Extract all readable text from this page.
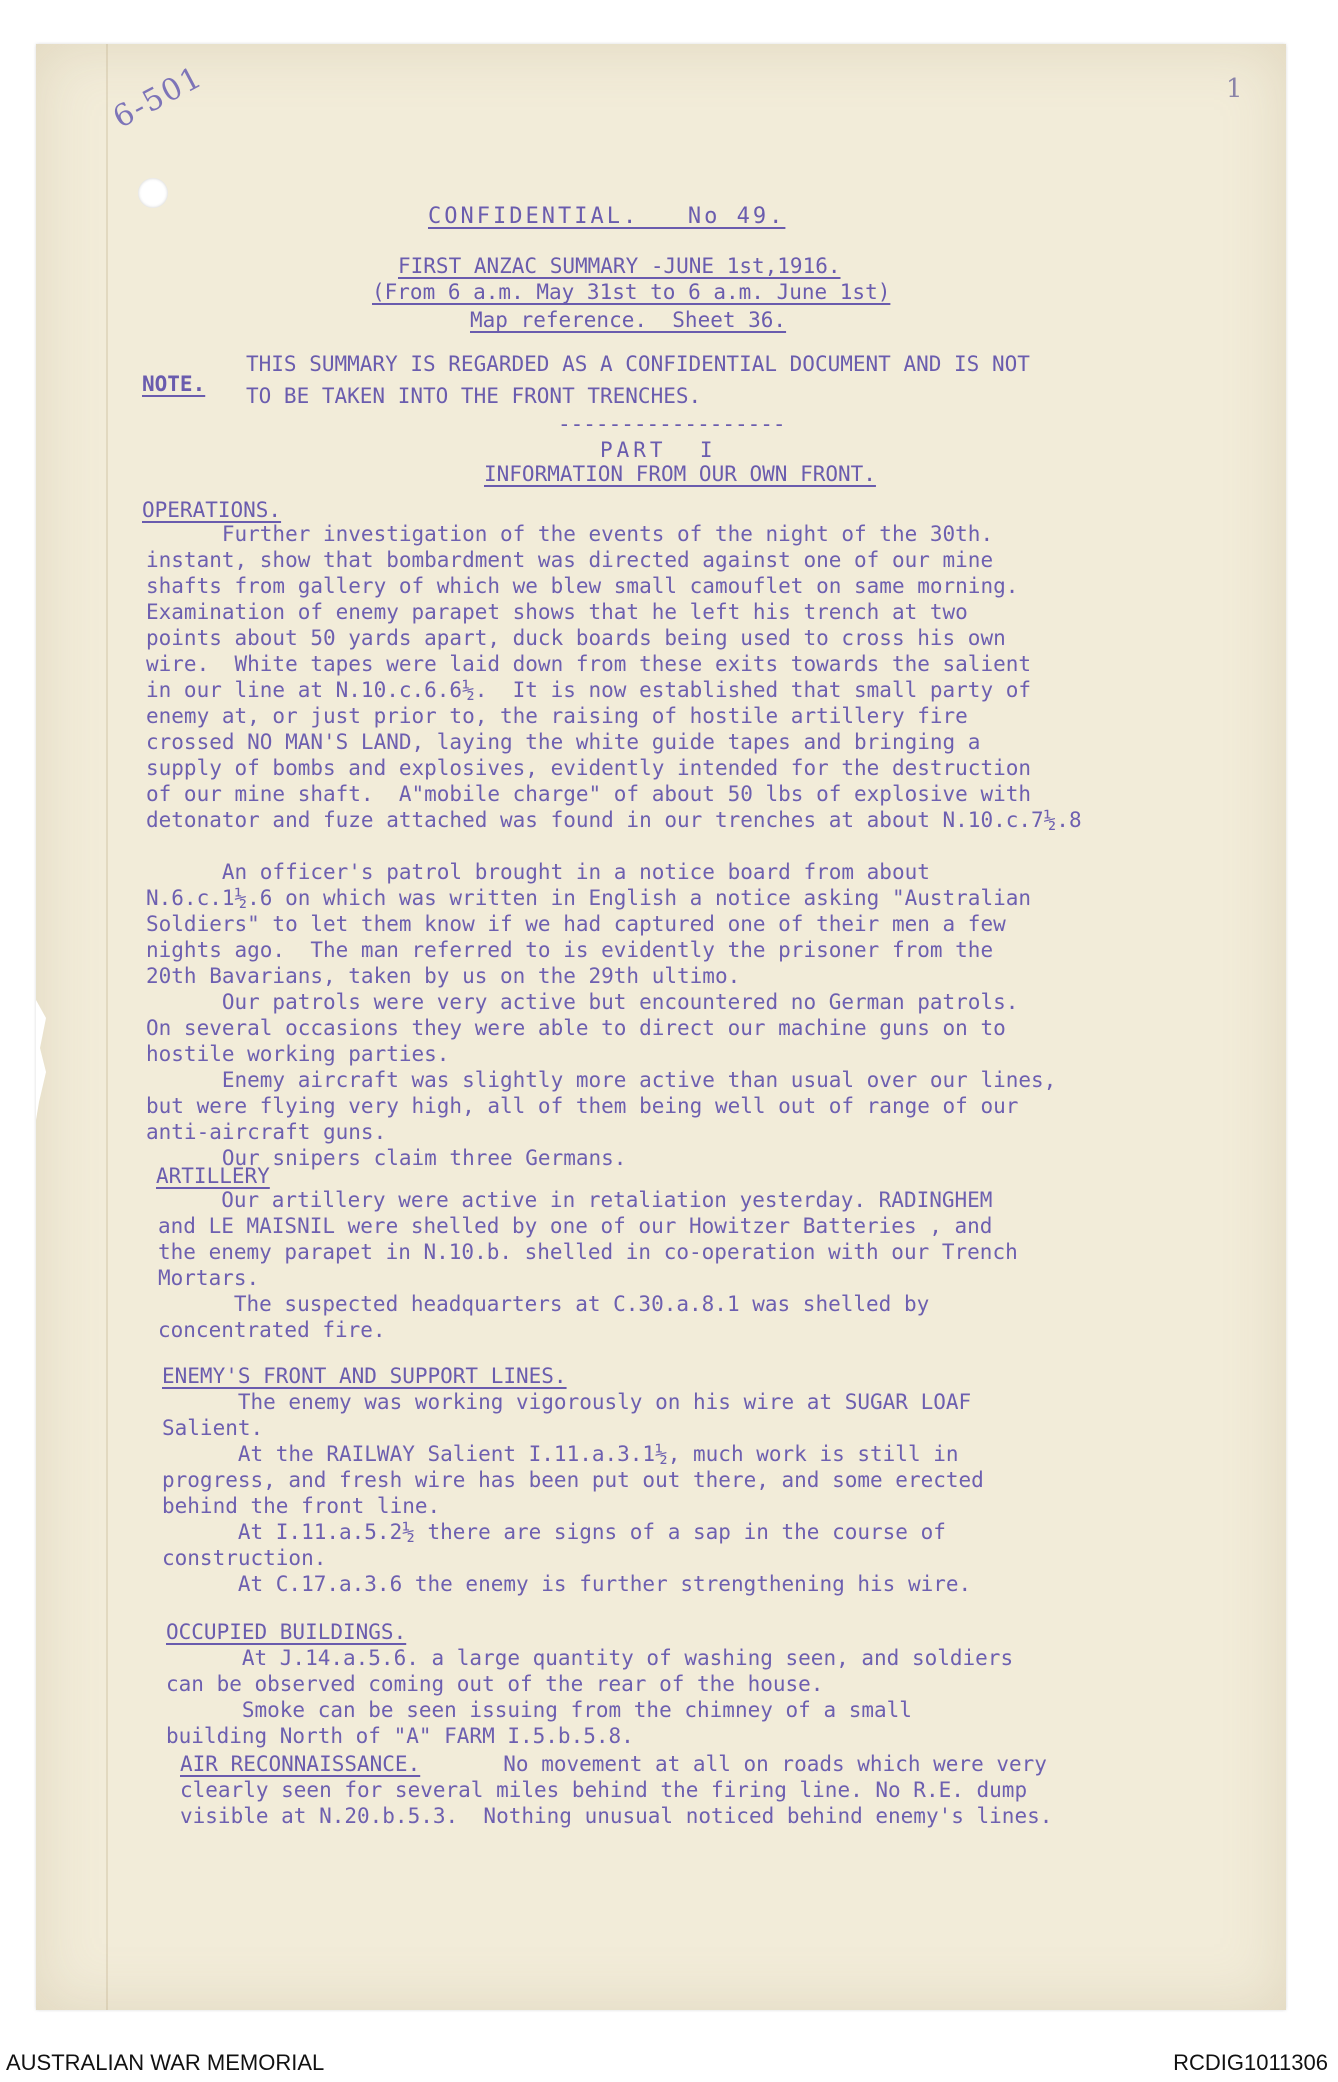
6-501	1
CONFIDENTIAL.   No 49.
FIRST ANZAC SUMMARY -JUNE 1st,1916.
(From 6 a.m. May 31st to 6 a.m. June 1st)
Map reference.  Sheet 36.
NOTE.
THIS SUMMARY IS REGARDED AS A CONFIDENTIAL DOCUMENT AND IS NOT
TO BE TAKEN INTO THE FRONT TRENCHES.
------------------
PART  I
INFORMATION FROM OUR OWN FRONT.
OPERATIONS.
Further investigation of the events of the night of the 30th.
instant, show that bombardment was directed against one of our mine
shafts from gallery of which we blew small camouflet on same morning.
Examination of enemy parapet shows that he left his trench at two
points about 50 yards apart, duck boards being used to cross his own
wire.  White tapes were laid down from these exits towards the salient
in our line at N.10.c.6.6½.  It is now established that small party of
enemy at, or just prior to, the raising of hostile artillery fire
crossed NO MAN'S LAND, laying the white guide tapes and bringing a
supply of bombs and explosives, evidently intended for the destruction
of our mine shaft.  A"mobile charge" of about 50 lbs of explosive with
detonator and fuze attached was found in our trenches at about N.10.c.7½.8
An officer's patrol brought in a notice board from about
N.6.c.1½.6 on which was written in English a notice asking "Australian
Soldiers" to let them know if we had captured one of their men a few
nights ago.  The man referred to is evidently the prisoner from the
20th Bavarians, taken by us on the 29th ultimo.
Our patrols were very active but encountered no German patrols.
On several occasions they were able to direct our machine guns on to
hostile working parties.
Enemy aircraft was slightly more active than usual over our lines,
but were flying very high, all of them being well out of range of our
anti-aircraft guns.
Our snipers claim three Germans.
ARTILLERY
Our artillery were active in retaliation yesterday. RADINGHEM
and LE MAISNIL were shelled by one of our Howitzer Batteries , and
the enemy parapet in N.10.b. shelled in co-operation with our Trench
Mortars.
The suspected headquarters at C.30.a.8.1 was shelled by
concentrated fire.
ENEMY'S FRONT AND SUPPORT LINES.
The enemy was working vigorously on his wire at SUGAR LOAF
Salient.
At the RAILWAY Salient I.11.a.3.1½, much work is still in
progress, and fresh wire has been put out there, and some erected
behind the front line.
At I.11.a.5.2½ there are signs of a sap in the course of
construction.
At C.17.a.3.6 the enemy is further strengthening his wire.
OCCUPIED BUILDINGS.
At J.14.a.5.6. a large quantity of washing seen, and soldiers
can be observed coming out of the rear of the house.
Smoke can be seen issuing from the chimney of a small
building North of "A" FARM I.5.b.5.8.
AIR RECONNAISSANCE.	No movement at all on roads which were very
clearly seen for several miles behind the firing line. No R.E. dump
visible at N.20.b.5.3.  Nothing unusual noticed behind enemy's lines.
AUSTRALIAN WAR MEMORIAL	RCDIG1011306
